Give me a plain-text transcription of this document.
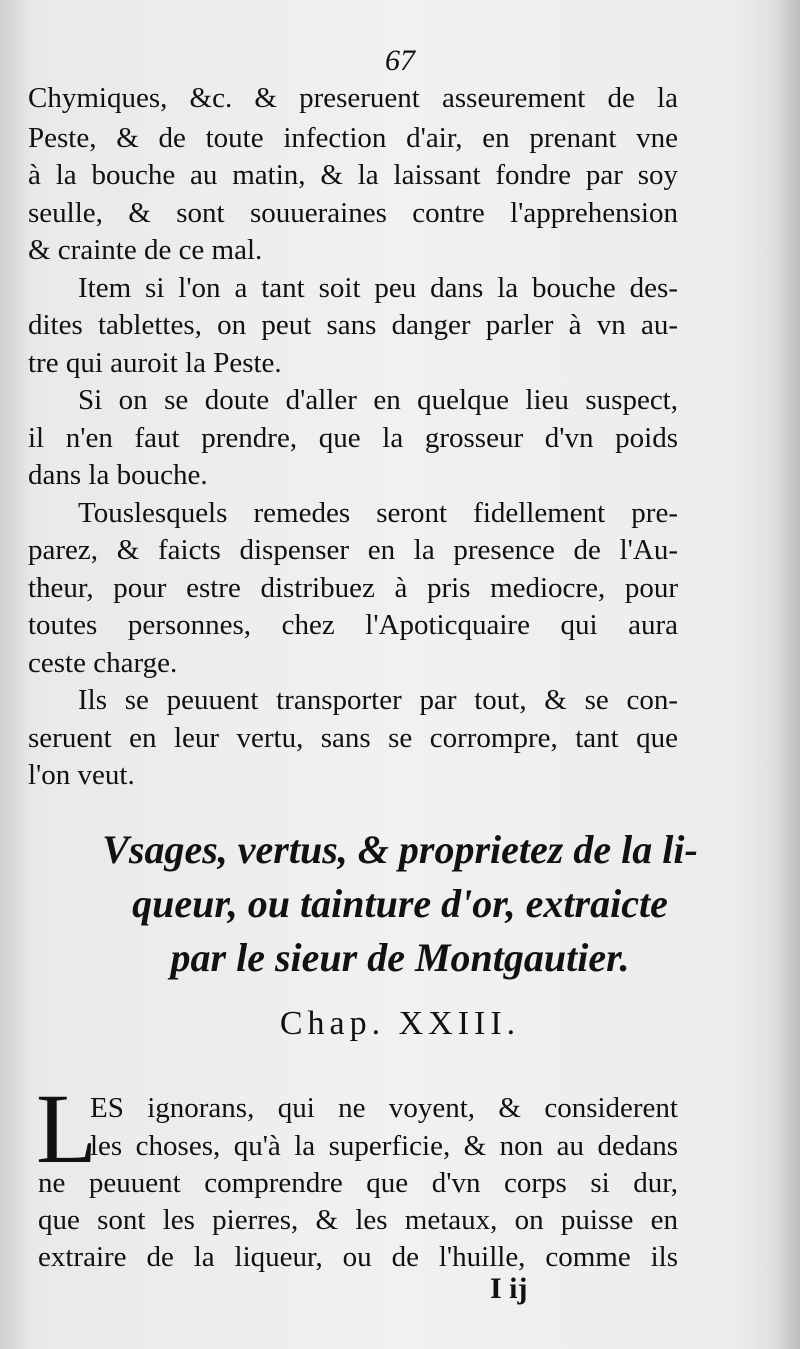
67
Chymiques, &c. & preseruent asseurement de la
Peste, & de toute infection d'air, en prenant vne
à la bouche au matin, & la laissant fondre par soy
seulle, & sont souueraines contre l'apprehension
& crainte de ce mal.
Item si l'on a tant soit peu dans la bouche des-
dites tablettes, on peut sans danger parler à vn au-
tre qui auroit la Peste.
Si on se doute d'aller en quelque lieu suspect,
il n'en faut prendre, que la grosseur d'vn poids
dans la bouche.
Touslesquels remedes seront fidellement pre-
parez, & faicts dispenser en la presence de l'Au-
theur, pour estre distribuez à pris mediocre, pour
toutes personnes, chez l'Apoticquaire qui aura
ceste charge.
Ils se peuuent transporter par tout, & se con-
seruent en leur vertu, sans se corrompre, tant que
l'on veut.
Vsages, vertus, & proprietez de la li-
queur, ou tainture d'or, extraicte
par le sieur de Montgautier.
Chap. XXIII.
L
ES ignorans, qui ne voyent, & considerent
les choses, qu'à la superficie, & non au dedans
ne peuuent comprendre que d'vn corps si dur,
que sont les pierres, & les metaux, on puisse en
extraire de la liqueur, ou de l'huille, comme ils
I ij
